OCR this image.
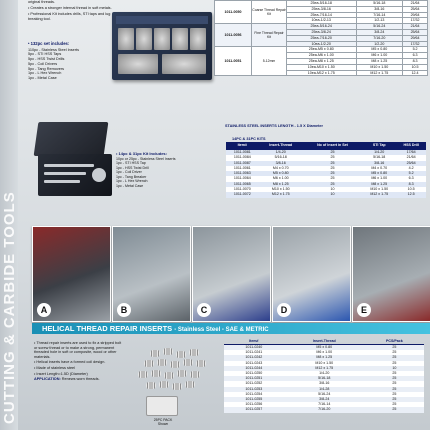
CUTTING & CARBIDE TOOLS

original threads.

• Creates a stronger internal thread in soft metals.

• Professional Kit includes drills, STI taps and lug breaking tool.

• 132pc set includes:
110pc - Stainless Steel Inserts
5pc - STI HSS Taps
5pc - HSS Twist Drills
5pc - Coil Drivers
5pc - Tang Removers
1pc - L Hex Wrench
1pc - Metal Case
1011-0050	Coarse Thread Repair Kit	25ea-5/16-18	5/16-18	21/64
		25ea-3/8-16	3/8-16	25/64
		25ea-7/16-14	7/16-14	29/64
		10ea-1/2-13	1/2-13	17/32
1011-0056	Fine Thread Repair Kit	25ea-5/16-24	5/16-24	21/64
		25ea-3/8-24	3/8-24	25/64
		25ea-7/16-20	7/16-20	29/64
		10ea-1/2-20	1/2-20	17/32
1011-0051	5-12mm	25ea-M5 x 0.80	M5 x 0.80	5.2
		25ea-M6 x 1.00	M6 x 1.00	6.3
		25ea-M8 x 1.25	M8 x 1.25	8.3
		10ea-M10 x 1.50	M10 x 1.50	10.5
		10ea-M12 x 1.75	M12 x 1.75	12.4
STAINLESS STEEL INSERTS LENGTH - 1.5 X Diameter
• 14pc & 31pc Kit Includes:
10pc or 25pc - Stainless Steel Inserts
1pc - STI HSS Tap
1pc - HSS Twist Drill
1pc - Coil Driver
1pc - Tang Breaker
1pc - L Hex Wrench
1pc - Metal Case
14PC & 31PC KITS
Item#	Insert-Thread	No of Insert in Set	STI Tap	HSS Drill
1011-0081	1/4-20	25	1/4-20	17/64
1011-0084	5/16-18	25	5/16-18	21/64
1011-0087	3/8-16	25	3/8-16	25/64
1011-0061	M4 x 0.70	25	M4 x 0.70	4.2
1011-0063	M5 x 0.80	25	M5 x 0.80	5.2
1011-0064	M6 x 1.00	25	M6 x 1.00	6.3
1011-0065	M8 x 1.25	25	M8 x 1.25	8.3
1011-0070	M10 x 1.50	10	M10 x 1.50	10.5
1011-0072	M12 x 1.75	10	M12 x 1.75	12.5
A	B	C	D	E
HELICAL THREAD REPAIR INSERTS - Stainless Steel - SAE & METRIC

• Thread repair inserts are used to fix a stripped bolt or screw thread or to make a strong, permanent threaded hole in soft or composite, wood or other materials.

• Helical inserts have a formed coil design.

• Made of stainless steel

• Insert Length=1.5D (Diameter)

APPLICATION: Renews worn threads.

25PC PACK Shown
Item#	Insert-Thread	PCS/Pack
1011-0240	M5 x 0.80	25
1011-0241	M6 x 1.00	25
1011-0242	M8 x 1.25	25
1011-0243	M10 x 1.50	25
1011-0244	M12 x 1.75	10
1011-0250	1/4-20	25
1011-0251	5/16-18	25
1011-0252	3/8-16	25
1011-0253	1/4-28	25
1011-0254	5/16-24	25
1011-0255	3/8-24	25
1011-0256	7/16-14	25
1011-0257	7/16-20	25
